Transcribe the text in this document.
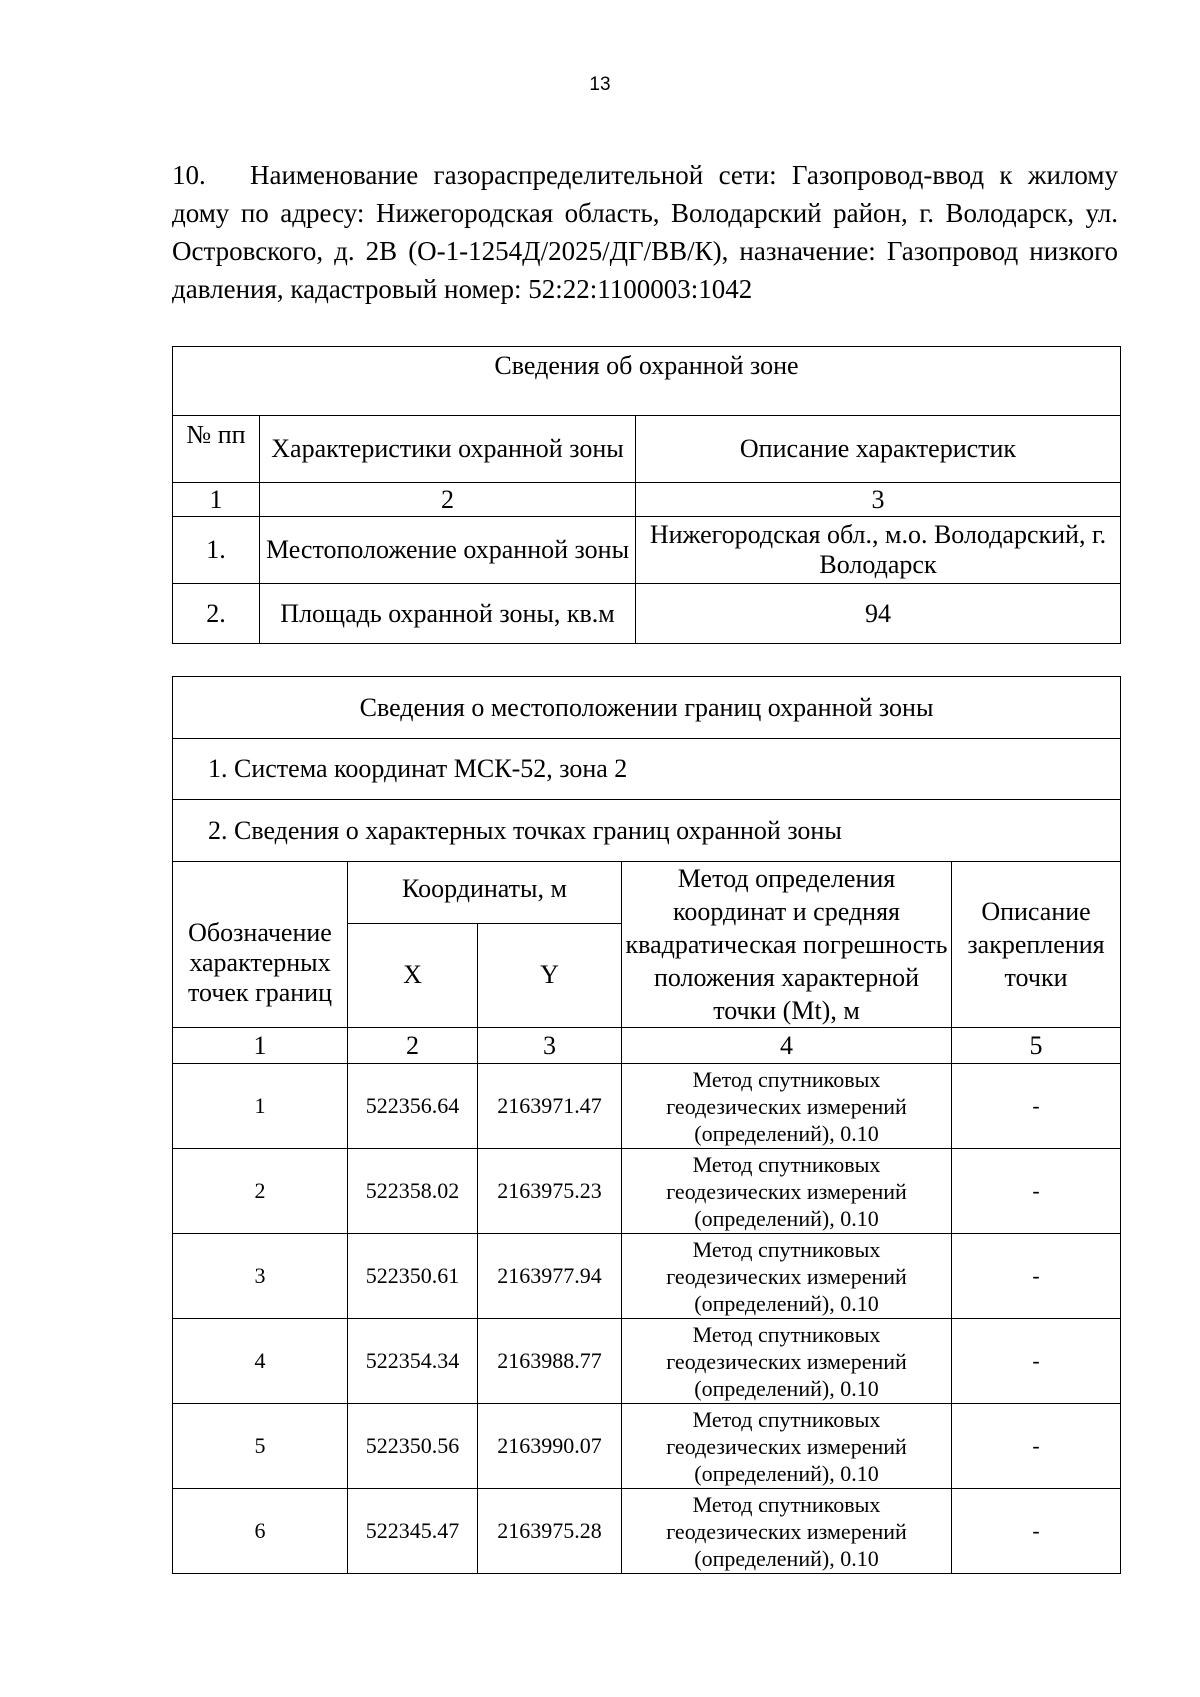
13

10. Наименование газораспределительной сети: Газопровод-ввод к жилому дому по адресу: Нижегородская область, Володарский район, г. Володарск, ул. Островского, д. 2В (О-1-1254Д/2025/ДГ/ВВ/К), назначение: Газопровод низкого давления, кадастровый номер: 52:22:1100003:1042

Сведения об охранной зоне		
№ пп	Характеристики охранной зоны	Описание характеристик
1	2	3
1.	Местоположение охранной зоны	Нижегородская обл., м.о. Володарский, г. Володарск
2.	Площадь охранной зоны, кв.м	94
Сведения о местоположении границ охранной зоны				
1. Система координат МСК-52, зона 2				
2. Сведения о характерных точках границ охранной зоны				
Обозначение характерных точек границ	Координаты, м		Метод определения координат и средняя квадратическая погрешность положения характерной точки (Mt), м	Описание закрепления точки
	X	Y		
1	2	3	4	5
1	522356.64	2163971.47	Метод спутниковых геодезических измерений (определений), 0.10	-
2	522358.02	2163975.23	Метод спутниковых геодезических измерений (определений), 0.10	-
3	522350.61	2163977.94	Метод спутниковых геодезических измерений (определений), 0.10	-
4	522354.34	2163988.77	Метод спутниковых геодезических измерений (определений), 0.10	-
5	522350.56	2163990.07	Метод спутниковых геодезических измерений (определений), 0.10	-
6	522345.47	2163975.28	Метод спутниковых геодезических измерений (определений), 0.10	-
